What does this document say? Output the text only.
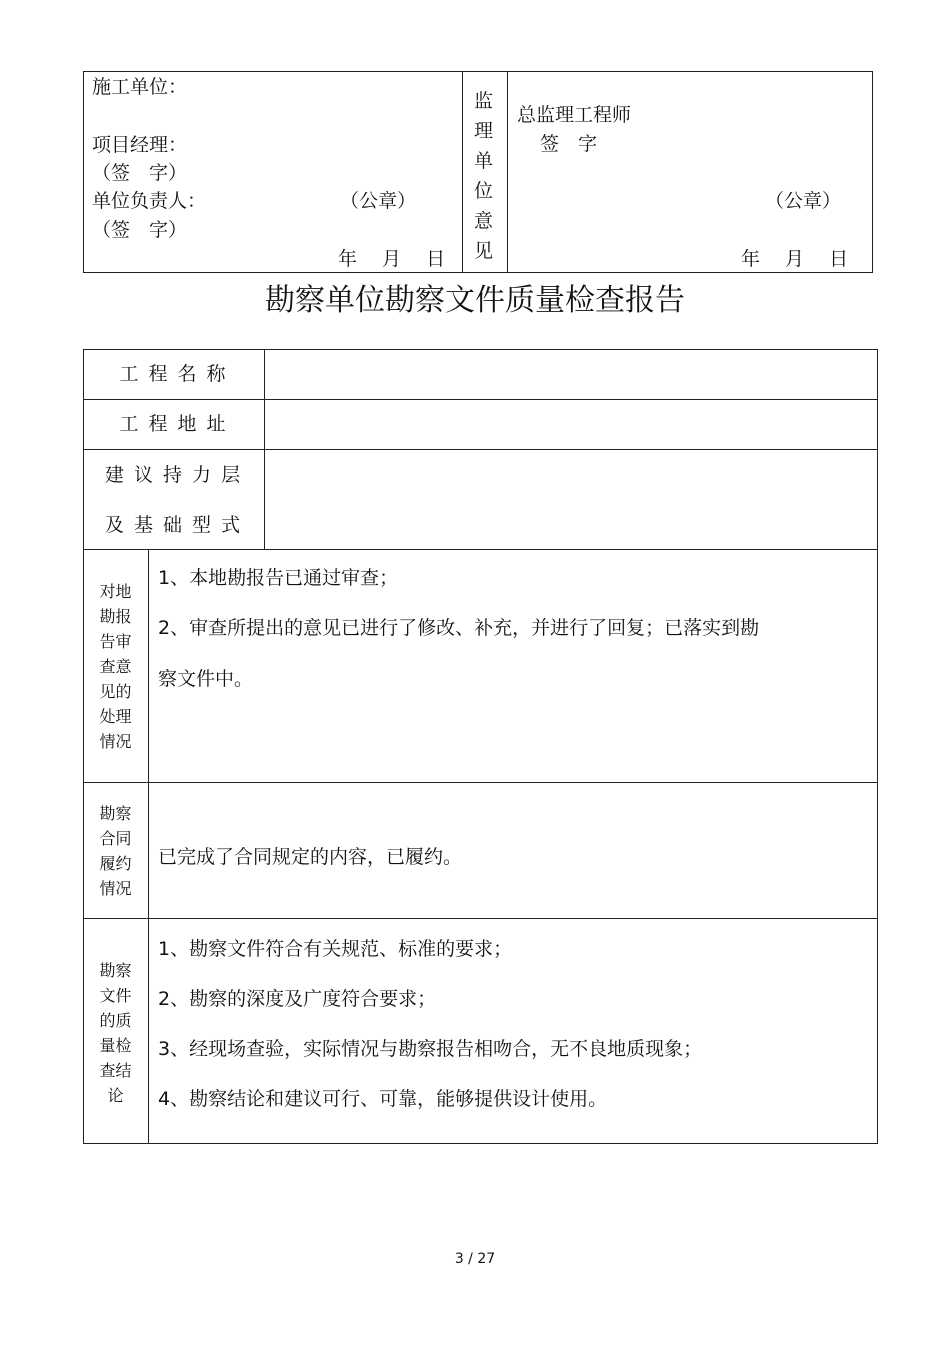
施工单位：
项目经理：
（签　字）
单位负责人：	（公章）
（签　字）
年　 月　 日
监
理
单
位
意
见
总监理工程师
签　字
（公章）
年　 月　 日
勘察单位勘察文件质量检查报告
工 程 名 称
工 程 地 址
建 议 持 力 层
及 基 础 型 式
对地
勘报
告审
查意
见的
处理
情况
1、本地勘报告已通过审查；
2、审查所提出的意见已进行了修改、补充，并进行了回复；已落实到勘
察文件中。
勘察
合同
履约
情况
已完成了合同规定的内容，已履约。
勘察
文件
的质
量检
查结
论
1、勘察文件符合有关规范、标准的要求；
2、勘察的深度及广度符合要求；
3、经现场查验，实际情况与勘察报告相吻合，无不良地质现象；
4、勘察结论和建议可行、可靠，能够提供设计使用。
3 / 27
